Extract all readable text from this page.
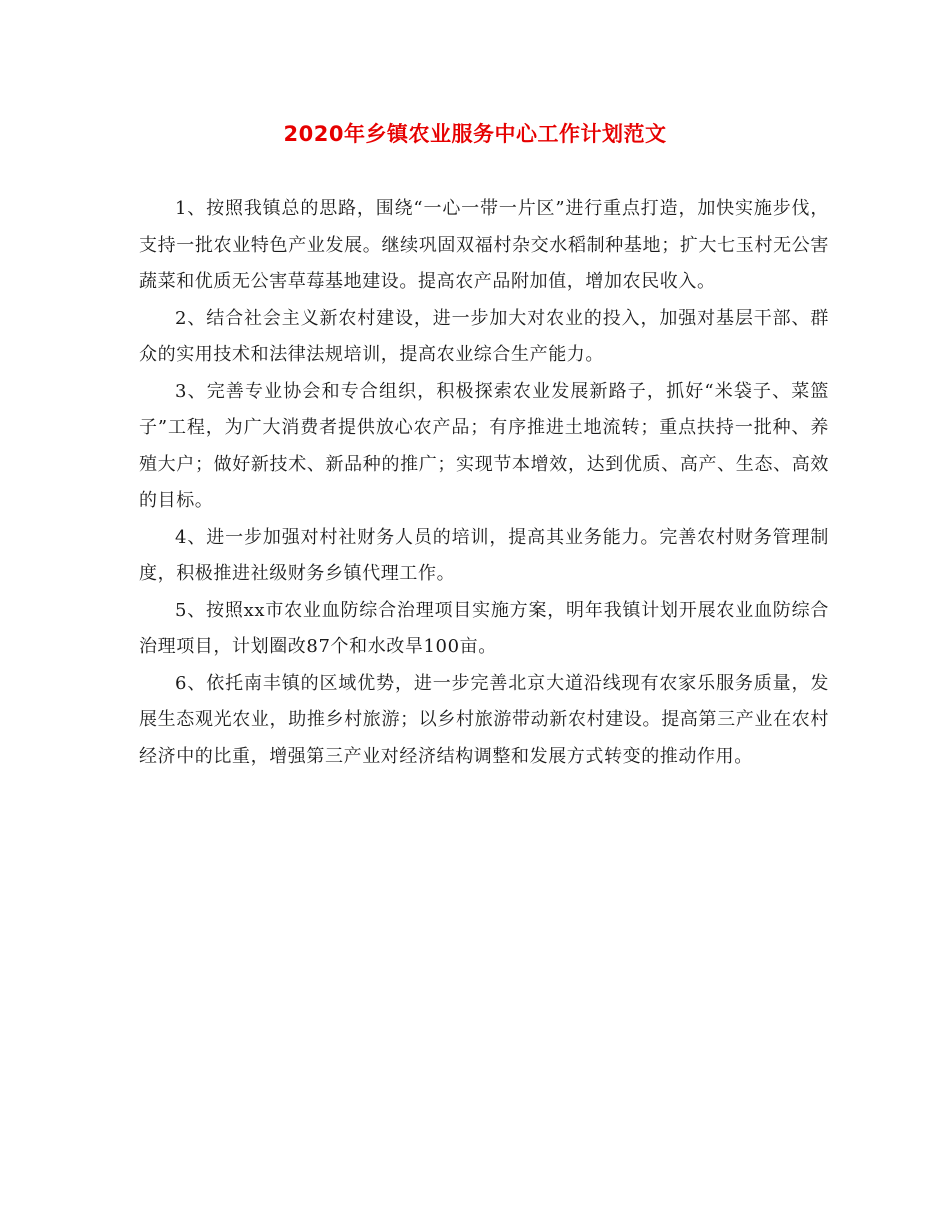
2020年乡镇农业服务中心工作计划范文

1、按照我镇总的思路，围绕“一心一带一片区”进行重点打造，加快实施步伐，支持一批农业特色产业发展。继续巩固双福村杂交水稻制种基地；扩大七玉村无公害蔬菜和优质无公害草莓基地建设。提高农产品附加值，增加农民收入。

2、结合社会主义新农村建设，进一步加大对农业的投入，加强对基层干部、群众的实用技术和法律法规培训，提高农业综合生产能力。

3、完善专业协会和专合组织，积极探索农业发展新路子，抓好“米袋子、菜篮子”工程，为广大消费者提供放心农产品；有序推进土地流转；重点扶持一批种、养殖大户；做好新技术、新品种的推广；实现节本增效，达到优质、高产、生态、高效的目标。

4、进一步加强对村社财务人员的培训，提高其业务能力。完善农村财务管理制度，积极推进社级财务乡镇代理工作。

5、按照xx市农业血防综合治理项目实施方案，明年我镇计划开展农业血防综合治理项目，计划圈改87个和水改旱100亩。

6、依托南丰镇的区域优势，进一步完善北京大道沿线现有农家乐服务质量，发展生态观光农业，助推乡村旅游；以乡村旅游带动新农村建设。提高第三产业在农村经济中的比重，增强第三产业对经济结构调整和发展方式转变的推动作用。
